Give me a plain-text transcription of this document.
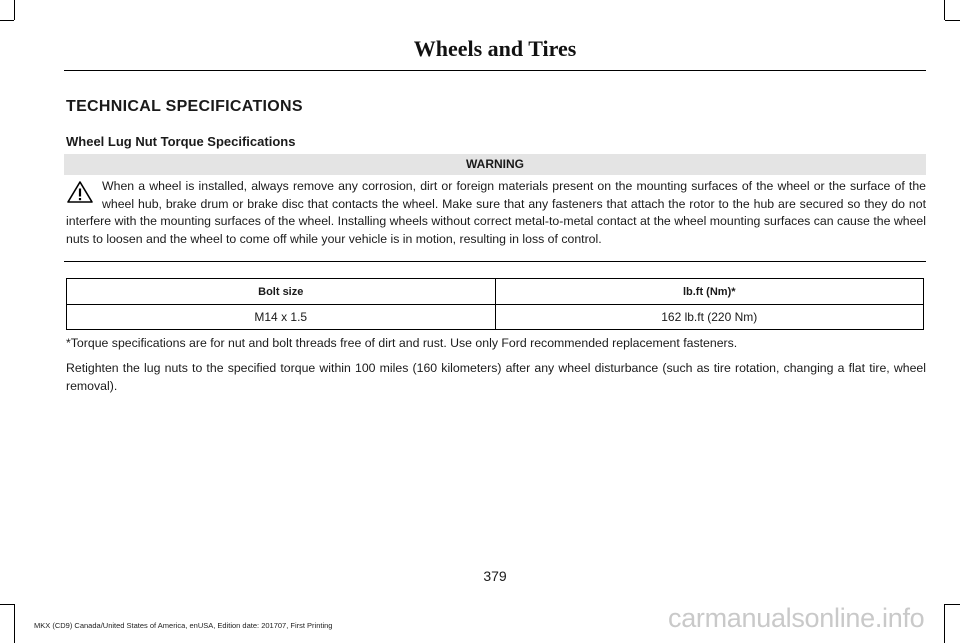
Wheels and Tires
TECHNICAL SPECIFICATIONS
Wheel Lug Nut Torque Specifications
WARNING
When a wheel is installed, always remove any corrosion, dirt or foreign materials present on the mounting surfaces of the wheel or the surface of the wheel hub, brake drum or brake disc that contacts the wheel. Make sure that any fasteners that attach the rotor to the hub are secured so they do not interfere with the mounting surfaces of the wheel. Installing wheels without correct metal-to-metal contact at the wheel mounting surfaces can cause the wheel nuts to loosen and the wheel to come off while your vehicle is in motion, resulting in loss of control.
Bolt size	lb.ft (Nm)*
M14 x 1.5	162 lb.ft (220 Nm)
*Torque specifications are for nut and bolt threads free of dirt and rust. Use only Ford recommended replacement fasteners.
Retighten the lug nuts to the specified torque within 100 miles (160 kilometers) after any wheel disturbance (such as tire rotation, changing a flat tire, wheel removal).
379
MKX (CD9) Canada/United States of America, enUSA, Edition date: 201707, First Printing	carmanualsonline.info
